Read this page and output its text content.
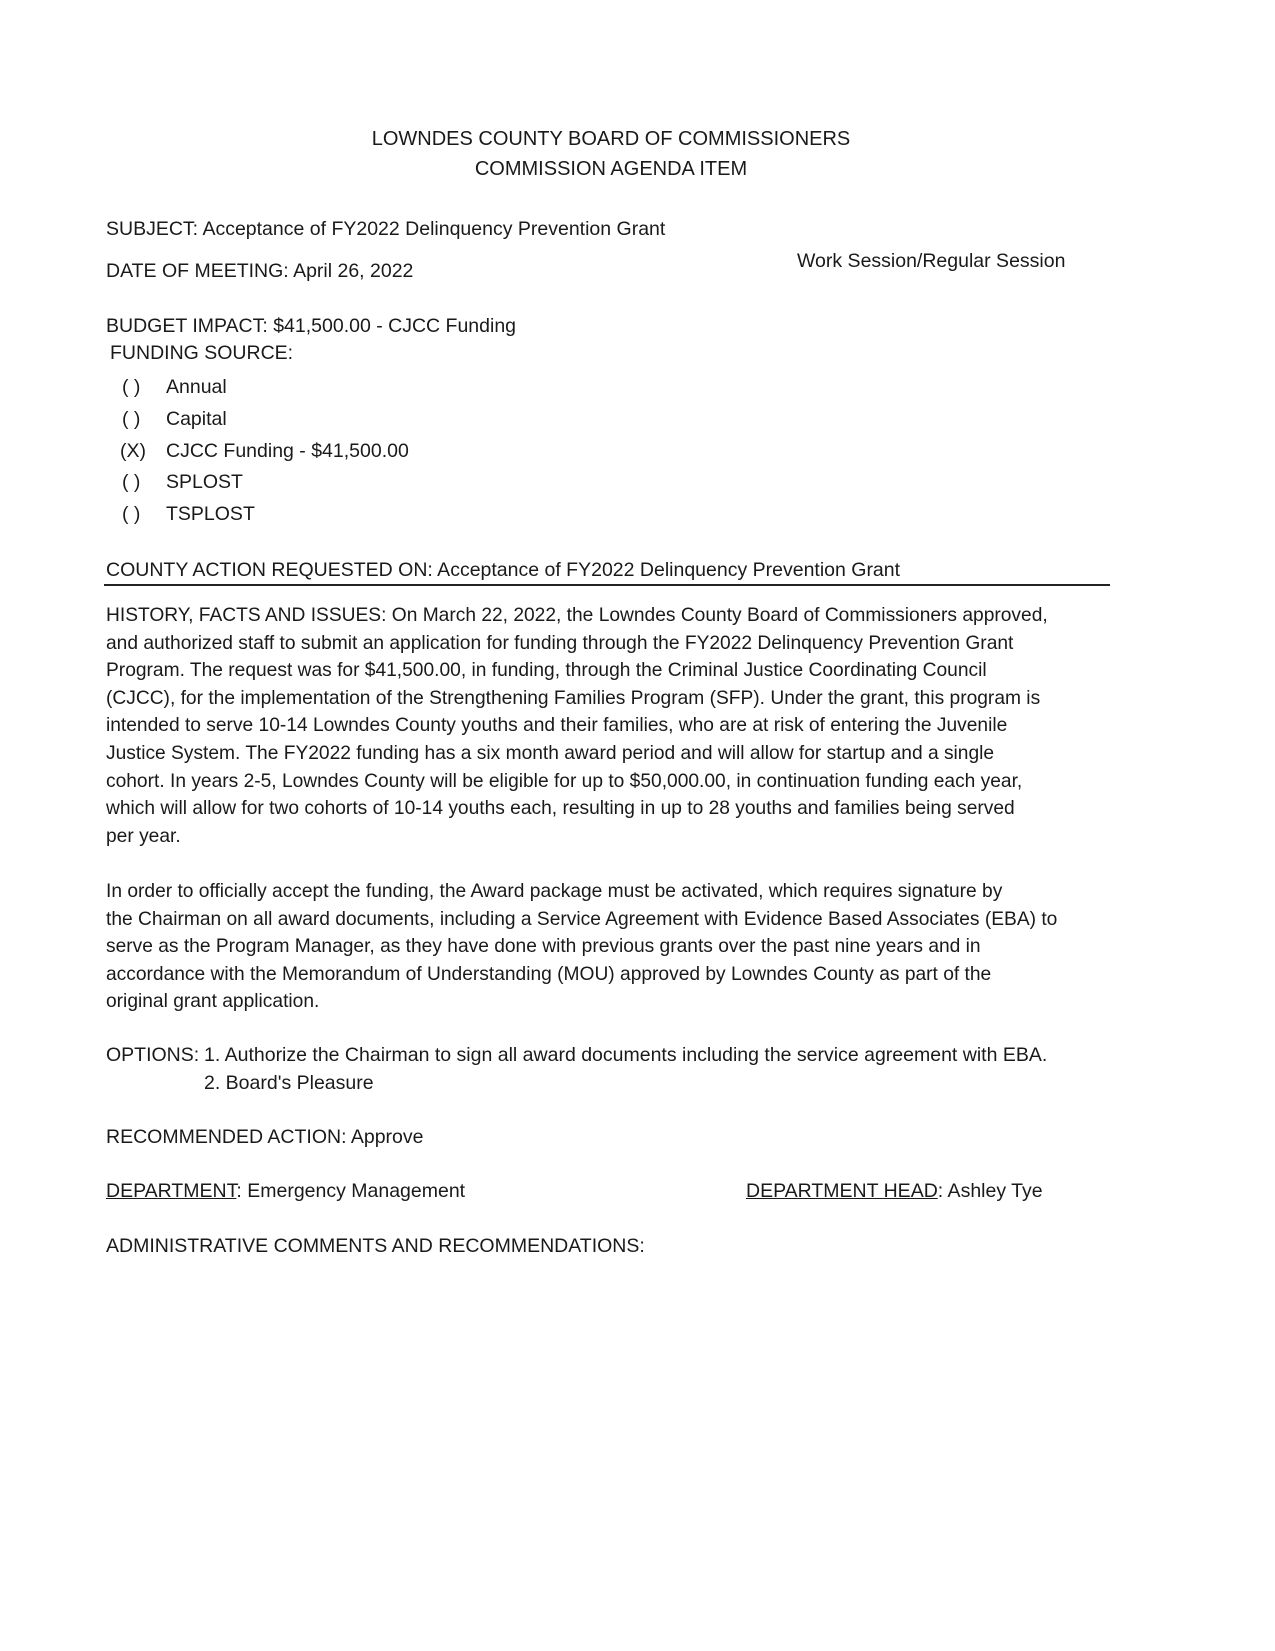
LOWNDES COUNTY BOARD OF COMMISSIONERS
COMMISSION AGENDA ITEM
SUBJECT: Acceptance of FY2022 Delinquency Prevention Grant
DATE OF MEETING: April 26, 2022	Work Session/Regular Session
BUDGET IMPACT: $41,500.00 - CJCC Funding
FUNDING SOURCE:
( ) Annual
( ) Capital
(X) CJCC Funding - $41,500.00
( ) SPLOST
( ) TSPLOST
COUNTY ACTION REQUESTED ON: Acceptance of FY2022 Delinquency Prevention Grant
HISTORY, FACTS AND ISSUES: On March 22, 2022, the Lowndes County Board of Commissioners approved,
and authorized staff to submit an application for funding through the FY2022 Delinquency Prevention Grant
Program. The request was for $41,500.00, in funding, through the Criminal Justice Coordinating Council
(CJCC), for the implementation of the Strengthening Families Program (SFP). Under the grant, this program is
intended to serve 10-14 Lowndes County youths and their families, who are at risk of entering the Juvenile
Justice System. The FY2022 funding has a six month award period and will allow for startup and a single
cohort. In years 2-5, Lowndes County will be eligible for up to $50,000.00, in continuation funding each year,
which will allow for two cohorts of 10-14 youths each, resulting in up to 28 youths and families being served
per year.
In order to officially accept the funding, the Award package must be activated, which requires signature by
the Chairman on all award documents, including a Service Agreement with Evidence Based Associates (EBA) to
serve as the Program Manager, as they have done with previous grants over the past nine years and in
accordance with the Memorandum of Understanding (MOU) approved by Lowndes County as part of the
original grant application.
OPTIONS: 1. Authorize the Chairman to sign all award documents including the service agreement with EBA.
2. Board's Pleasure
RECOMMENDED ACTION: Approve
DEPARTMENT: Emergency Management	DEPARTMENT HEAD: Ashley Tye
ADMINISTRATIVE COMMENTS AND RECOMMENDATIONS:
